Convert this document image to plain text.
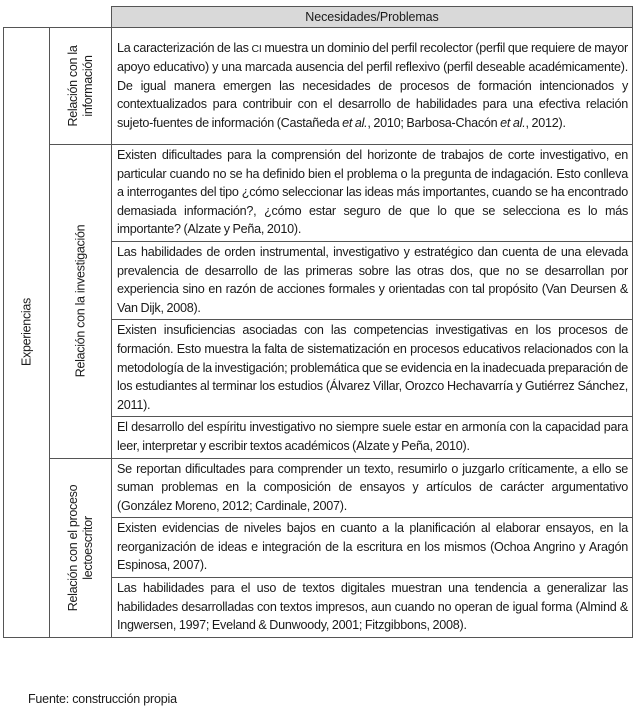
		Necesidades/Problemas

Experiencias	Relación con la información	La caracterización de las CI muestra un dominio del perfil recolector (perfil que requiere de mayor apoyo educativo) y una marcada ausencia del perfil reflexivo (perfil deseable académicamente). De igual manera emergen las necesidades de procesos de formación intencionados y contextualizados para contribuir con el desarrollo de habilidades para una efectiva relación sujeto-fuentes de información (Castañeda et al., 2010; Barbosa-Chacón et al., 2012).

	Relación con la investigación	Existen dificultades para la comprensión del horizonte de trabajos de corte investigativo, en particular cuando no se ha definido bien el problema o la pregunta de indagación. Esto conlleva a interrogantes del tipo ¿cómo seleccionar las ideas más importantes, cuando se ha encontrado demasiada información?, ¿cómo estar seguro de que lo que se selecciona es lo más importante? (Alzate y Peña, 2010).
		Las habilidades de orden instrumental, investigativo y estratégico dan cuenta de una elevada prevalencia de desarrollo de las primeras sobre las otras dos, que no se desarrollan por experiencia sino en razón de acciones formales y orientadas con tal propósito (Van Deursen & Van Dijk, 2008).
		Existen insuficiencias asociadas con las competencias investigativas en los procesos de formación. Esto muestra la falta de sistematización en procesos educativos relacionados con la metodología de la investigación; problemática que se evidencia en la inadecuada preparación de los estudiantes al terminar los estudios (Álvarez Villar, Orozco Hechavarría y Gutiérrez Sánchez, 2011).
		El desarrollo del espíritu investigativo no siempre suele estar en armonía con la capacidad para leer, interpretar y escribir textos académicos (Alzate y Peña, 2010).

	Relación con el proceso lectoescritor	Se reportan dificultades para comprender un texto, resumirlo o juzgarlo críticamente, a ello se suman problemas en la composición de ensayos y artículos de carácter argumentativo (González Moreno, 2012; Cardinale, 2007).
		Existen evidencias de niveles bajos en cuanto a la planificación al elaborar ensayos, en la reorganización de ideas e integración de la escritura en los mismos (Ochoa Angrino y Aragón Espinosa, 2007).
		Las habilidades para el uso de textos digitales muestran una tendencia a generalizar las habilidades desarrolladas con textos impresos, aun cuando no operan de igual forma (Almind & Ingwersen, 1997; Eveland & Dunwoody, 2001; Fitzgibbons, 2008).
Fuente: construcción propia
